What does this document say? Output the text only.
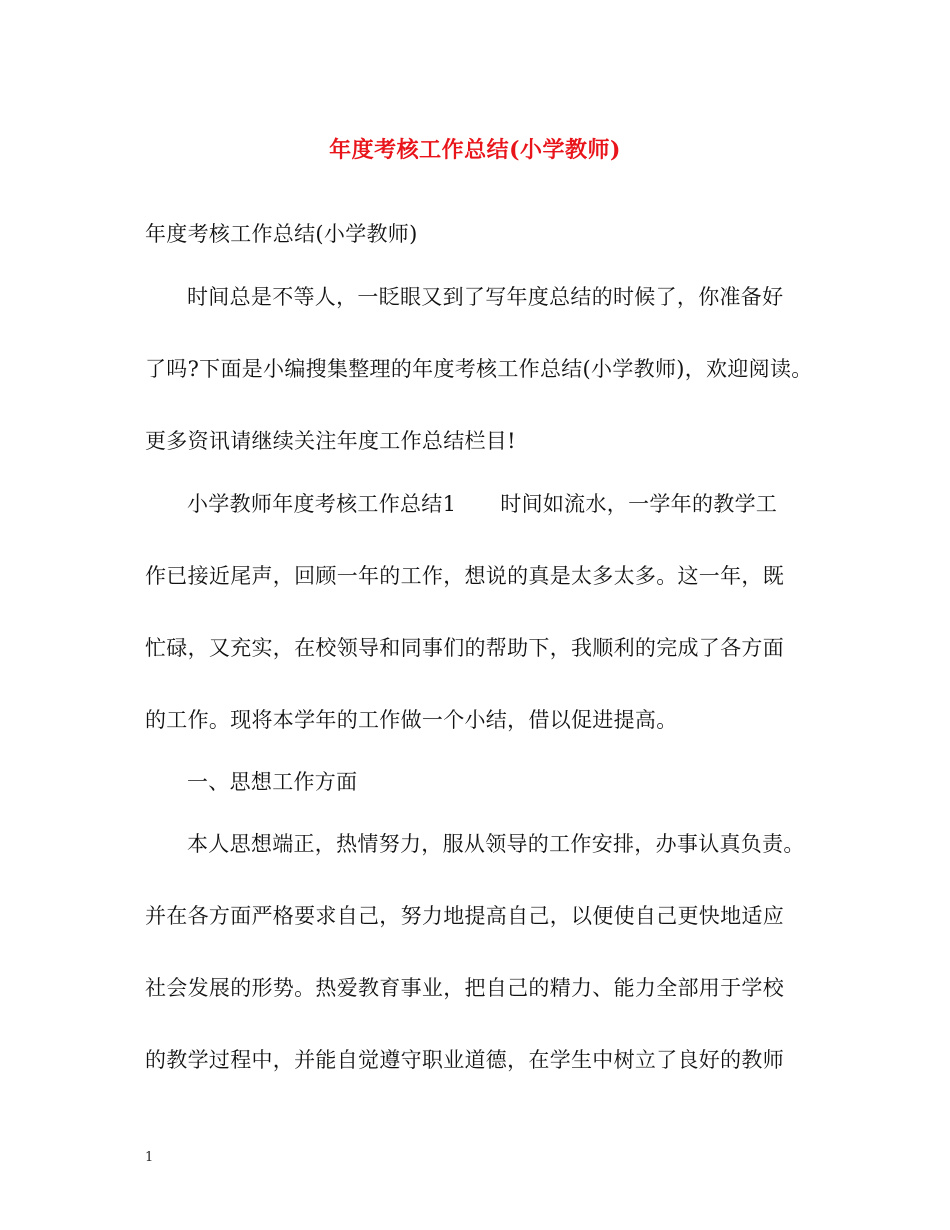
年度考核工作总结(小学教师)
年度考核工作总结(小学教师)
时间总是不等人，一眨眼又到了写年度总结的时候了，你准备好
了吗?下面是小编搜集整理的年度考核工作总结(小学教师)，欢迎阅读。
更多资讯请继续关注年度工作总结栏目!
小学教师年度考核工作总结1 时间如流水，一学年的教学工
作已接近尾声，回顾一年的工作，想说的真是太多太多。这一年，既
忙碌，又充实，在校领导和同事们的帮助下，我顺利的完成了各方面
的工作。现将本学年的工作做一个小结，借以促进提高。
一、思想工作方面
本人思想端正，热情努力，服从领导的工作安排，办事认真负责。
并在各方面严格要求自己，努力地提高自己，以便使自己更快地适应
社会发展的形势。热爱教育事业，把自己的精力、能力全部用于学校
的教学过程中，并能自觉遵守职业道德，在学生中树立了良好的教师
1
